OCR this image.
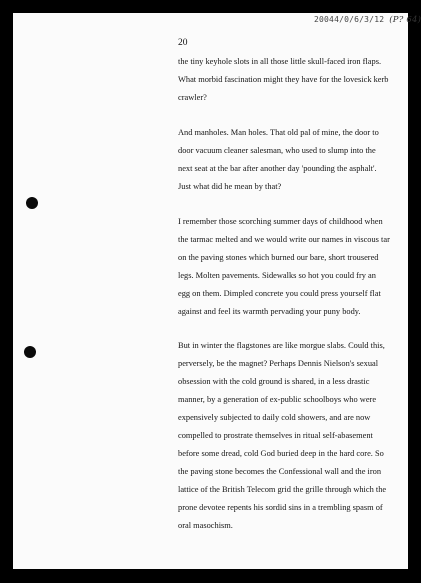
20044/0/6/3/12 (P? 64)
20
the tiny keyhole slots in all those little skull-faced iron flaps.
What morbid fascination might they have for the lovesick kerb
crawler?
And manholes. Man holes. That old pal of mine, the door to
door vacuum cleaner salesman, who used to slump into the
next seat at the bar after another day 'pounding the asphalt'.
Just what did he mean by that?
I remember those scorching summer days of childhood when
the tarmac melted and we would write our names in viscous tar
on the paving stones which burned our bare, short trousered
legs. Molten pavements. Sidewalks so hot you could fry an
egg on them. Dimpled concrete you could press yourself flat
against and feel its warmth pervading your puny body.
But in winter the flagstones are like morgue slabs. Could this,
perversely, be the magnet? Perhaps Dennis Nielson's sexual
obsession with the cold ground is shared, in a less drastic
manner, by a generation of ex-public schoolboys who were
expensively subjected to daily cold showers, and are now
compelled to prostrate themselves in ritual self-abasement
before some dread, cold God buried deep in the hard core. So
the paving stone becomes the Confessional wall and the iron
lattice of the British Telecom grid the grille through which the
prone devotee repents his sordid sins in a trembling spasm of
oral masochism.
